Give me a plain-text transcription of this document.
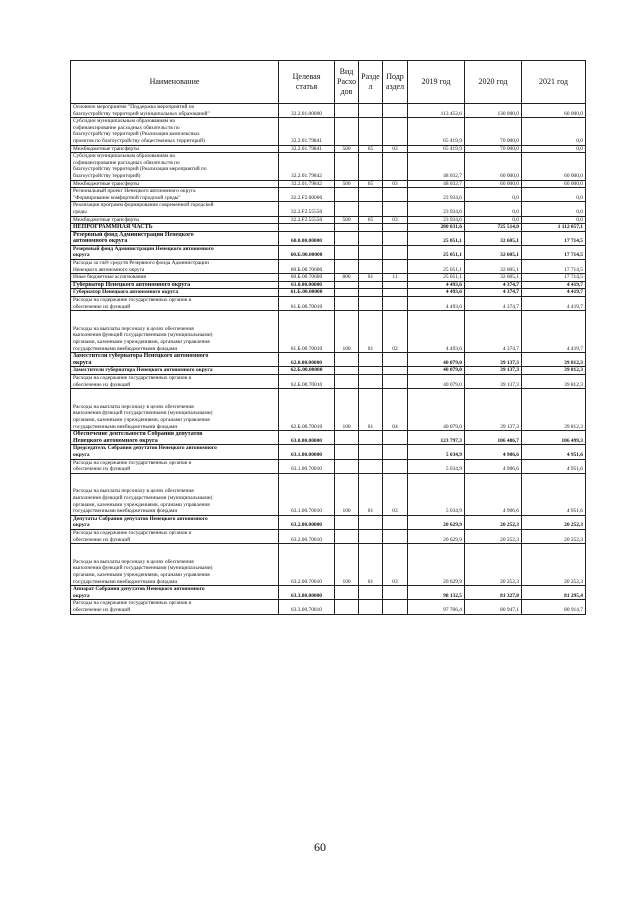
Наименование	Целевая статья	Вид Расхо дов	Разде л	Подр аздел	2019 год	2020 год	2021 год
Основное мероприятие "Поддержка мероприятий по
благоустройству территорий муниципальных образований"	32.2.01.00000				113 452,6	130 000,0	60 000,0
Субсидии муниципальным образованиям на
софинансирование расходных обязательств по
благоустройству территорий (Реализация комплексных
проектов по благоустройству общественных территорий)	32.2.01.79841				65 419,9	70 000,0	0,0
Межбюджетные трансферты	32.2.01.79841	500	05	03	65 419,9	70 000,0	0,0
Субсидии муниципальным образованиям на
софинансирование расходных обязательств по
благоустройству территорий (Реализация мероприятий по
благоустройству территорий)	32.2.01.79842				48 032,7	60 000,0	60 000,0
Межбюджетные трансферты	32.2.01.79842	500	05	03	48 032,7	60 000,0	60 000,0
Региональный проект Ненецкого автономного округа
"Формирование комфортной городской среды"	32.2.F2.00000				23 934,6	0,0	0,0
Реализация программ формирования современной городской
среды	32.2.F2.55550				23 934,6	0,0	0,0
Межбюджетные трансферты	32.2.F2.55550	500	05	03	23 934,6	0,0	0,0
НЕПРОГРАММНАЯ ЧАСТЬ					280 031,6	725 514,0	1 112 057,1
Резервный фонд Администрации Ненецкого
автономного округа	60.0.00.00000				25 051,1	32 605,1	17 714,5
Резервный фонд Администрации Ненецкого автономного
округа	60.Б.00.00000				25 051,1	32 605,1	17 714,5
Расходы за счёт средств Резервного фонда Администрации
Ненецкого автономного округа	60.Б.00.70600				25 051,1	32 605,1	17 714,5
Иные бюджетные ассигнования	60.Б.00.70600	800	01	11	25 051,1	32 605,1	17 714,5
Губернатор Ненецкого автономного округа	61.0.00.00000				4 493,6	4 374,7	4 419,7
Губернатор Ненецкого автономного округа	61.Б.00.00000				4 493,6	4 374,7	4 419,7
Расходы на содержание государственных органов и
обеспечение их функций	61.Б.00.70010				4 493,6	4 374,7	4 419,7
Расходы на выплаты персоналу в целях обеспечения
выполнения функций государственными (муниципальными)
органами, казенными учреждениями, органами управления
государственными внебюджетными фондами	61.Б.00.70010	100	01	02	4 493,6	4 374,7	4 419,7
Заместители губернатора Ненецкого автономного
округа	62.0.00.00000				40 079,0	39 137,3	39 812,3
Заместители губернатора Ненецкого автономного округа	62.Б.00.00000				40 079,0	39 137,3	39 812,3
Расходы на содержание государственных органов и
обеспечение их функций	62.Б.00.70010				40 079,0	39 137,3	39 812,3
Расходы на выплаты персоналу в целях обеспечения
выполнения функций государственными (муниципальными)
органами, казенными учреждениями, органами управления
государственными внебюджетными фондами	62.Б.00.70010	100	01	04	40 079,0	39 137,3	39 812,3
Обеспечение деятельности Собрания депутатов
Ненецкого автономного округа	63.0.00.00000				123 797,3	106 486,7	106 499,3
Председатель Собрания депутатов Ненецкого автономного
округа	63.1.00.00000				5 034,9	4 906,6	4 951,6
Расходы на содержание государственных органов и
обеспечение их функций	63.1.00.70010				5 034,9	4 906,6	4 951,6
Расходы на выплаты персоналу в целях обеспечения
выполнения функций государственными (муниципальными)
органами, казенными учреждениями, органами управления
государственными внебюджетными фондами	63.1.00.70010	100	01	03	5 034,9	4 906,6	4 951,6
Депутаты Собрания депутатов Ненецкого автономного
округа	63.2.00.00000				20 629,9	20 252,3	20 252,3
Расходы на содержание государственных органов и
обеспечение их функций	63.2.00.70010				20 629,9	20 252,3	20 252,3
Расходы на выплаты персоналу в целях обеспечения
выполнения функций государственными (муниципальными)
органами, казенными учреждениями, органами управления
государственными внебюджетными фондами	63.2.00.70010	100	01	03	20 629,9	20 252,3	20 252,3
Аппарат Собрания депутатов Ненецкого автономного
округа	63.3.00.00000				98 132,5	81 327,8	81 295,4
Расходы на содержание государственных органов и
обеспечение их функций	63.3.00.70010				97 766,4	80 947,1	80 914,7
60
